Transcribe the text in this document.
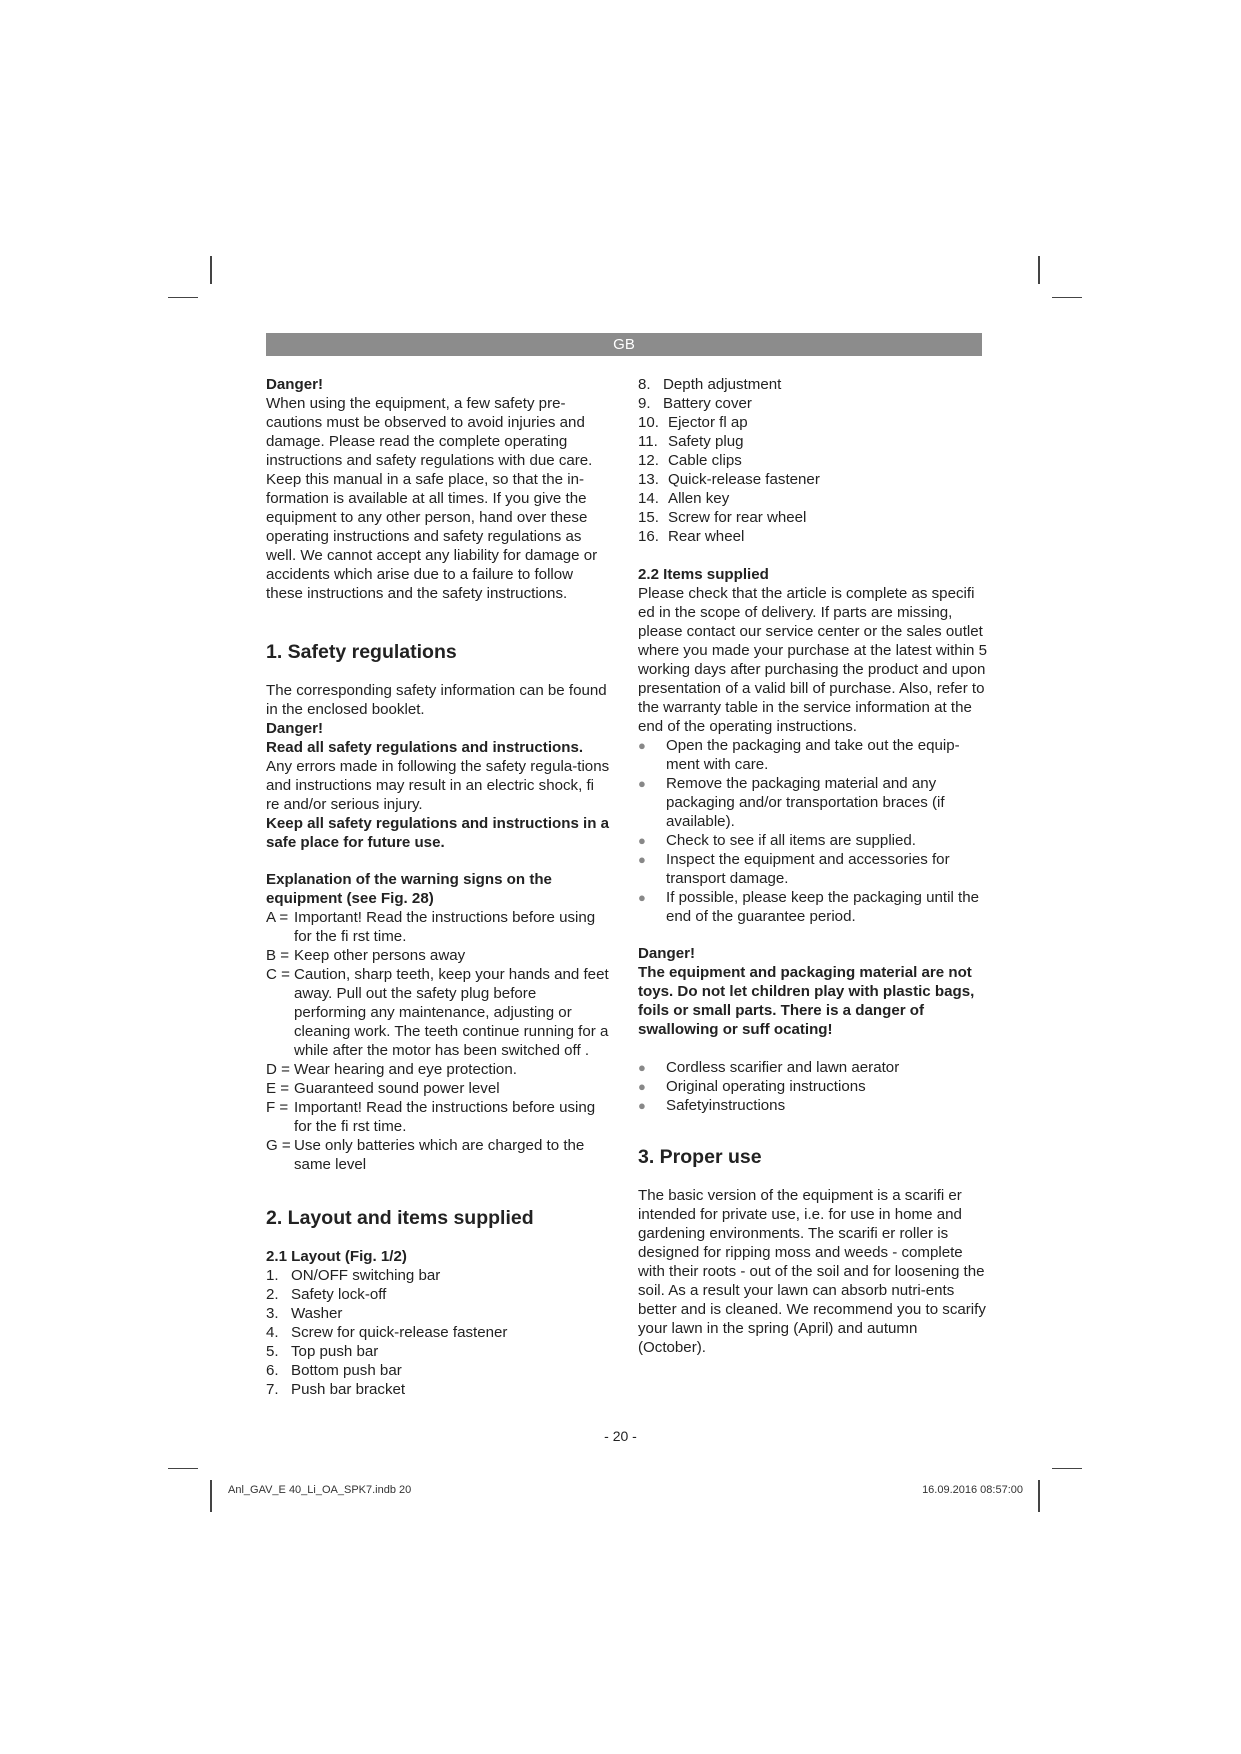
GB

Danger!

When using the equipment, a few safety pre-cautions must be observed to avoid injuries and damage. Please read the complete operating instructions and safety regulations with due care. Keep this manual in a safe place, so that the in-formation is available at all times. If you give the equipment to any other person, hand over these operating instructions and safety regulations as well. We cannot accept any liability for damage or accidents which arise due to a failure to follow these instructions and the safety instructions.

1. Safety regulations

The corresponding safety information can be found in the enclosed booklet.

Danger!

Read all safety regulations and instructions.

Any errors made in following the safety regula-tions and instructions may result in an electric shock, fi re and/or serious injury.

Keep all safety regulations and instructions in a safe place for future use.

Explanation of the warning signs on the equipment (see Fig. 28)

A = Important! Read the instructions before using for the fi rst time.
B = Keep other persons away
C = Caution, sharp teeth, keep your hands and feet away. Pull out the safety plug before performing any maintenance, adjusting or cleaning work. The teeth continue running for a while after the motor has been switched off .
D = Wear hearing and eye protection.
E = Guaranteed sound power level
F = Important! Read the instructions before using for the fi rst time.
G = Use only batteries which are charged to the same level

2. Layout and items supplied

2.1 Layout (Fig. 1/2)

1. ON/OFF switching bar
2. Safety lock-off
3. Washer
4. Screw for quick-release fastener
5. Top push bar
6. Bottom push bar
7. Push bar bracket
8. Depth adjustment
9. Battery cover
10. Ejector fl ap
11. Safety plug
12. Cable clips
13. Quick-release fastener
14. Allen key
15. Screw for rear wheel
16. Rear wheel

2.2 Items supplied

Please check that the article is complete as specifi ed in the scope of delivery. If parts are missing, please contact our service center or the sales outlet where you made your purchase at the latest within 5 working days after purchasing the product and upon presentation of a valid bill of purchase. Also, refer to the warranty table in the service information at the end of the operating instructions.

●	Open the packaging and take out the equip-ment with care.
●	Remove the packaging material and any packaging and/or transportation braces (if available).
●	Check to see if all items are supplied.
●	Inspect the equipment and accessories for transport damage.
●	If possible, please keep the packaging until the end of the guarantee period.

Danger!

The equipment and packaging material are not toys. Do not let children play with plastic bags, foils or small parts. There is a danger of swallowing or suff ocating!

●	Cordless scarifier and lawn aerator
●	Original operating instructions
●	Safetyinstructions

3. Proper use

The basic version of the equipment is a scarifi er intended for private use, i.e. for use in home and gardening environments. The scarifi er roller is designed for ripping moss and weeds - complete with their roots - out of the soil and for loosening the soil. As a result your lawn can absorb nutri-ents better and is cleaned. We recommend you to scarify your lawn in the spring (April) and autumn (October).

- 20 -
Anl_GAV_E 40_Li_OA_SPK7.indb 20	16.09.2016 08:57:00
